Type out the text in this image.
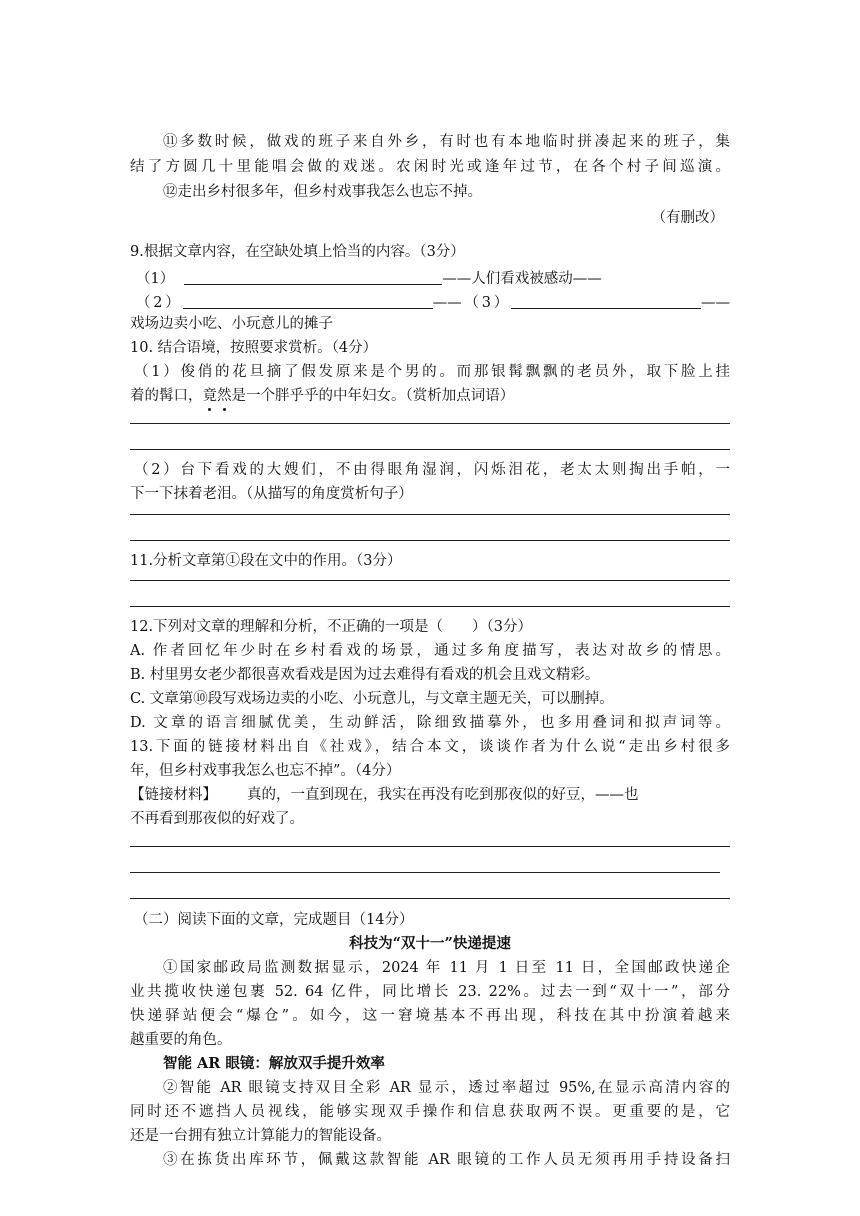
⑪多数时候，做戏的班子来自外乡，有时也有本地临时拼凑起来的班子，集
结了方圆几十里能唱会做的戏迷。农闲时光或逢年过节，在各个村子间巡演。
⑫走出乡村很多年，但乡村戏事我怎么也忘不掉。
（有删改）
9.根据文章内容，在空缺处填上恰当的内容。（3分）
（1）	——人们看戏被感动——
（2）	——（3）	——
戏场边卖小吃、小玩意儿的摊子
10. 结合语境，按照要求赏析。（4分）
（1）俊俏的花旦摘了假发原来是个男的。而那银髯飘飘的老员外，取下脸上挂
着的髯口，竟然
是一个胖乎乎的中年妇女。（赏析加点词语）
（2）台下看戏的大嫂们，不由得眼角湿润，闪烁泪花，老太太则掏出手帕，一
下一下抹着老泪。（从描写的角度赏析句子）
11.分析文章第①段在文中的作用。（3分）
12.下列对文章的理解和分析，不正确的一项是（　　）（3分）
A. 作者回忆年少时在乡村看戏的场景，通过多角度描写，表达对故乡的情思。
B. 村里男女老少都很喜欢看戏是因为过去难得有看戏的机会且戏文精彩。
C. 文章第⑩段写戏场边卖的小吃、小玩意儿，与文章主题无关，可以删掉。
D. 文章的语言细腻优美，生动鲜活，除细致描摹外，也多用叠词和拟声词等。
13.下面的链接材料出自《社戏》，结合本文，谈谈作者为什么说“走出乡村很多
年，但乡村戏事我怎么也忘不掉”。（4分）
【链接材料】 真的，一直到现在，我实在再没有吃到那夜似的好豆，——也
不再看到那夜似的好戏了。
（二）阅读下面的文章，完成题目（14分）
科技为“双十一”快递提速
①国家邮政局监测数据显示，2024 年 11 月 1 日至 11 日，全国邮政快递企
业共揽收快递包裹 52. 64 亿件，同比增长 23. 22%。过去一到“双十一”，部分
快递驿站便会“爆仓”。如今，这一窘境基本不再出现，科技在其中扮演着越来
越重要的角色。
智能 AR 眼镜：解放双手提升效率
②智能 AR 眼镜支持双目全彩 AR 显示，透过率超过 95%,在显示高清内容的
同时还不遮挡人员视线，能够实现双手操作和信息获取两不误。更重要的是，它
还是一台拥有独立计算能力的智能设备。
③在拣货出库环节，佩戴这款智能 AR 眼镜的工作人员无须再用手持设备扫
